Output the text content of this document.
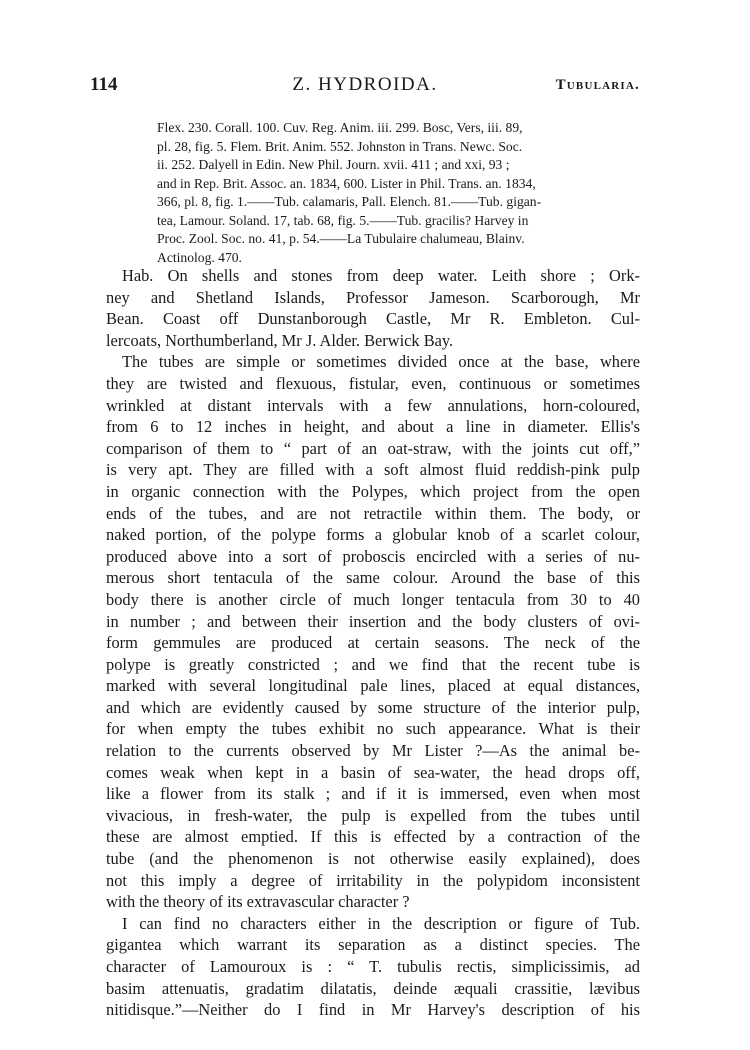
114	Z. HYDROIDA.	Tubularia.
Flex. 230. Corall. 100. Cuv. Reg. Anim. iii. 299. Bosc, Vers, iii. 89,
pl. 28, fig. 5. Flem. Brit. Anim. 552. Johnston in Trans. Newc. Soc.
ii. 252. Dalyell in Edin. New Phil. Journ. xvii. 411 ; and xxi, 93 ;
and in Rep. Brit. Assoc. an. 1834, 600. Lister in Phil. Trans. an. 1834,
366, pl. 8, fig. 1.——Tub. calamaris, Pall. Elench. 81.——Tub. gigan-
tea, Lamour. Soland. 17, tab. 68, fig. 5.——Tub. gracilis? Harvey in
Proc. Zool. Soc. no. 41, p. 54.——La Tubulaire chalumeau, Blainv.
Actinolog. 470.
Hab. On shells and stones from deep water. Leith shore ; Ork-
ney and Shetland Islands, Professor Jameson. Scarborough, Mr
Bean. Coast off Dunstanborough Castle, Mr R. Embleton. Cul-
lercoats, Northumberland, Mr J. Alder. Berwick Bay.
The tubes are simple or sometimes divided once at the base, where
they are twisted and flexuous, fistular, even, continuous or sometimes
wrinkled at distant intervals with a few annulations, horn-coloured,
from 6 to 12 inches in height, and about a line in diameter. Ellis's
comparison of them to “ part of an oat-straw, with the joints cut off,”
is very apt. They are filled with a soft almost fluid reddish-pink pulp
in organic connection with the Polypes, which project from the open
ends of the tubes, and are not retractile within them. The body, or
naked portion, of the polype forms a globular knob of a scarlet colour,
produced above into a sort of proboscis encircled with a series of nu-
merous short tentacula of the same colour. Around the base of this
body there is another circle of much longer tentacula from 30 to 40
in number ; and between their insertion and the body clusters of ovi-
form gemmules are produced at certain seasons. The neck of the
polype is greatly constricted ; and we find that the recent tube is
marked with several longitudinal pale lines, placed at equal distances,
and which are evidently caused by some structure of the interior pulp,
for when empty the tubes exhibit no such appearance. What is their
relation to the currents observed by Mr Lister ?—As the animal be-
comes weak when kept in a basin of sea-water, the head drops off,
like a flower from its stalk ; and if it is immersed, even when most
vivacious, in fresh-water, the pulp is expelled from the tubes until
these are almost emptied. If this is effected by a contraction of the
tube (and the phenomenon is not otherwise easily explained), does
not this imply a degree of irritability in the polypidom inconsistent
with the theory of its extravascular character ?
I can find no characters either in the description or figure of Tub.
gigantea which warrant its separation as a distinct species. The
character of Lamouroux is : “ T. tubulis rectis, simplicissimis, ad
basim attenuatis, gradatim dilatatis, deinde æquali crassitie, lævibus
nitidisque.”—Neither do I find in Mr Harvey's description of his
